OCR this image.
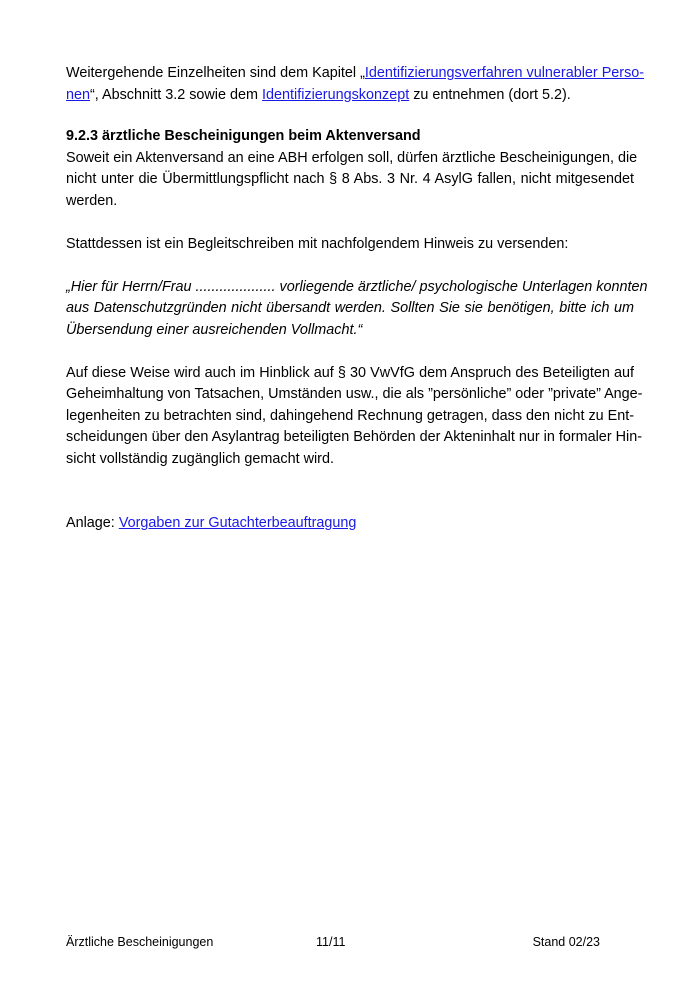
Weitergehende Einzelheiten sind dem Kapitel „Identifizierungsverfahren vulnerabler Perso-
nen“, Abschnitt 3.2 sowie dem Identifizierungskonzept zu entnehmen (dort 5.2).

9.2.3 ärztliche Bescheinigungen beim Aktenversand

Soweit ein Aktenversand an eine ABH erfolgen soll, dürfen ärztliche Bescheinigungen, die
nicht unter die Übermittlungspflicht nach § 8 Abs. 3 Nr. 4 AsylG fallen, nicht mitgesendet
werden.

Stattdessen ist ein Begleitschreiben mit nachfolgendem Hinweis zu versenden:

„Hier für Herrn/Frau .................... vorliegende ärztliche/ psychologische Unterlagen konnten
aus Datenschutzgründen nicht übersandt werden. Sollten Sie sie benötigen, bitte ich um
Übersendung einer ausreichenden Vollmacht.“

Auf diese Weise wird auch im Hinblick auf § 30 VwVfG dem Anspruch des Beteiligten auf
Geheimhaltung von Tatsachen, Umständen usw., die als ”persönliche” oder ”private” Ange-
legenheiten zu betrachten sind, dahingehend Rechnung getragen, dass den nicht zu Ent-
scheidungen über den Asylantrag beteiligten Behörden der Akteninhalt nur in formaler Hin-
sicht vollständig zugänglich gemacht wird.

Anlage: Vorgaben zur Gutachterbeauftragung

Ärztliche Bescheinigungen	11/11	Stand 02/23
